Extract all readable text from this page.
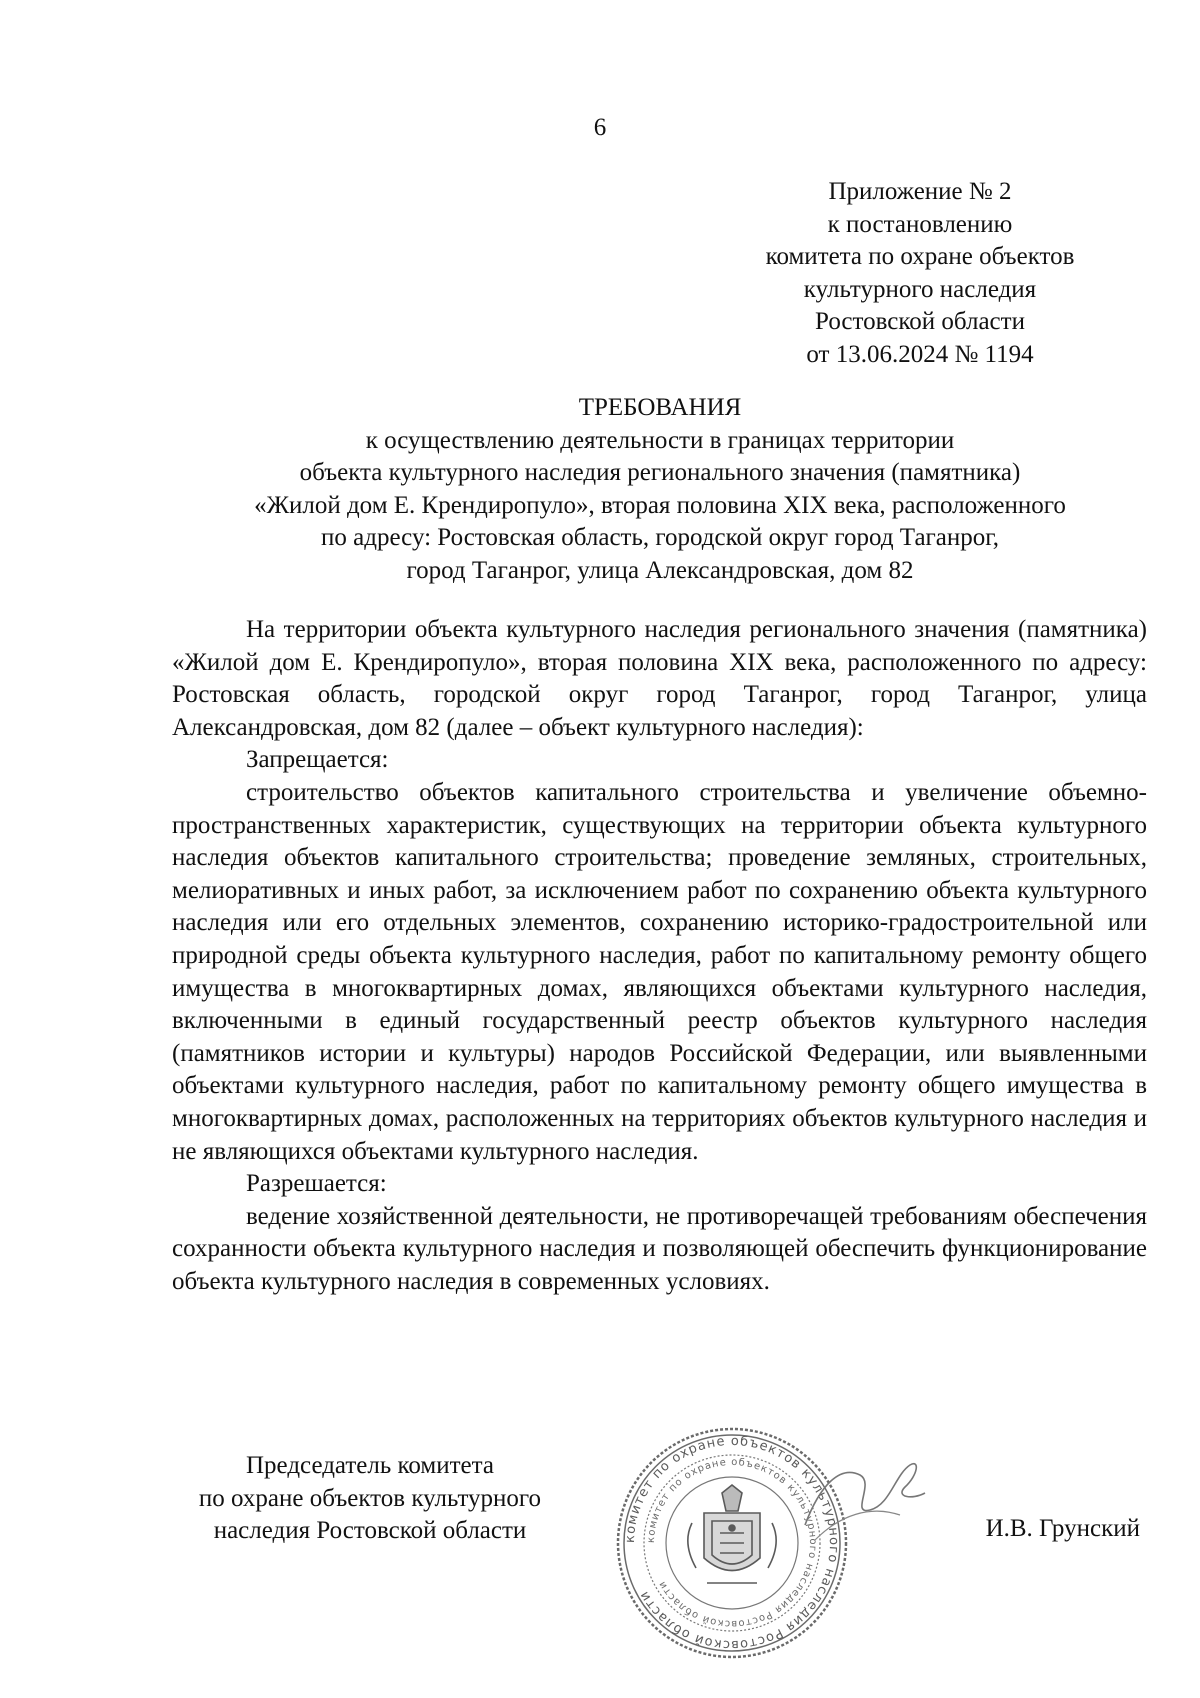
6
Приложение № 2
к постановлению
комитета по охране объектов
культурного наследия
Ростовской области
от 13.06.2024 № 1194
ТРЕБОВАНИЯ
к осуществлению деятельности в границах территории
объекта культурного наследия регионального значения (памятника)
«Жилой дом Е. Крендиропуло», вторая половина XIX века, расположенного
по адресу: Ростовская область, городской округ город Таганрог,
город Таганрог, улица Александровская, дом 82

На территории объекта культурного наследия регионального значения (памятника) «Жилой дом Е. Крендиропуло», вторая половина XIX века, расположенного по адресу: Ростовская область, городской округ город Таганрог, город Таганрог, улица Александровская, дом 82 (далее – объект культурного наследия):

Запрещается:

строительство объектов капитального строительства и увеличение объемно-пространственных характеристик, существующих на территории объекта культурного наследия объектов капитального строительства; проведение земляных, строительных, мелиоративных и иных работ, за исключением работ по сохранению объекта культурного наследия или его отдельных элементов, сохранению историко-градостроительной или природной среды объекта культурного наследия, работ по капитальному ремонту общего имущества в многоквартирных домах, являющихся объектами культурного наследия, включенными в единый государственный реестр объектов культурного наследия (памятников истории и культуры) народов Российской Федерации, или выявленными объектами культурного наследия, работ по капитальному ремонту общего имущества в многоквартирных домах, расположенных на территориях объектов культурного наследия и не являющихся объектами культурного наследия.

Разрешается:

ведение хозяйственной деятельности, не противоречащей требованиям обеспечения сохранности объекта культурного наследия и позволяющей обеспечить функционирование объекта культурного наследия в современных условиях.

Председатель комитета
по охране объектов культурного
наследия Ростовской области	комитет по охране объектов культурного наследия Ростовской области
комитет по охране объектов культурного наследия Ростовской области
И.В. Грунский
